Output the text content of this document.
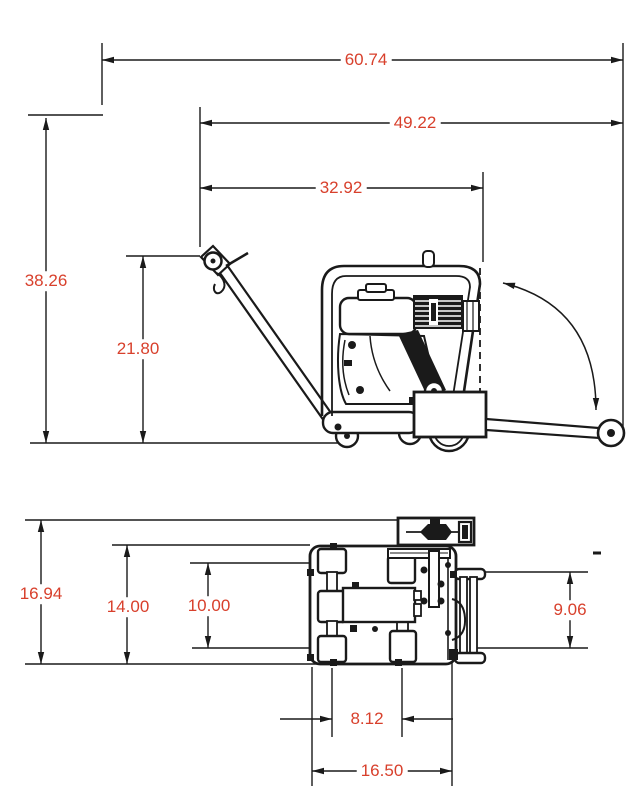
60.74
49.22
32.92
38.26
21.80
16.94
14.00 10.00	9.06
8.12
16.50
